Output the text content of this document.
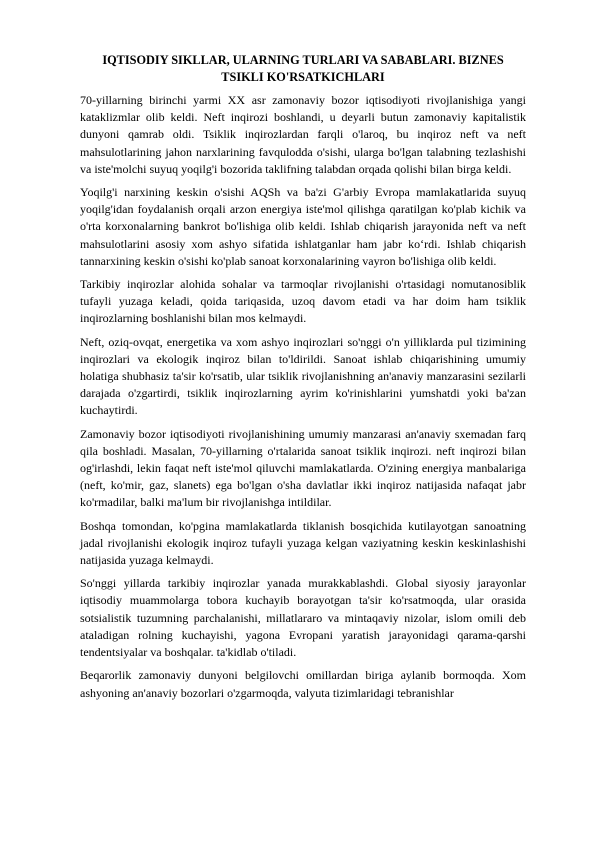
IQTISODIY SIKLLAR, ULARNING TURLARI VA SABABLARI. BIZNES TSIKLI KO'RSATKICHLARI

70-yillarning birinchi yarmi XX asr zamonaviy bozor iqtisodiyoti rivojlanishiga yangi kataklizmlar olib keldi. Neft inqirozi boshlandi, u deyarli butun zamonaviy kapitalistik dunyoni qamrab oldi. Tsiklik inqirozlardan farqli o'laroq, bu inqiroz neft va neft mahsulotlarining jahon narxlarining favqulodda o'sishi, ularga bo'lgan talabning tezlashishi va iste'molchi suyuq yoqilg'i bozorida taklifning talabdan orqada qolishi bilan birga keldi.

Yoqilg'i narxining keskin o'sishi AQSh va ba'zi G'arbiy Evropa mamlakatlarida suyuq yoqilg'idan foydalanish orqali arzon energiya iste'mol qilishga qaratilgan ko'plab kichik va o'rta korxonalarning bankrot bo'lishiga olib keldi. Ishlab chiqarish jarayonida neft va neft mahsulotlarini asosiy xom ashyo sifatida ishlatganlar ham jabr ko‘rdi. Ishlab chiqarish tannarxining keskin o'sishi ko'plab sanoat korxonalarining vayron bo'lishiga olib keldi.

Tarkibiy inqirozlar alohida sohalar va tarmoqlar rivojlanishi o'rtasidagi nomutanosiblik tufayli yuzaga keladi, qoida tariqasida, uzoq davom etadi va har doim ham tsiklik inqirozlarning boshlanishi bilan mos kelmaydi.

Neft, oziq-ovqat, energetika va xom ashyo inqirozlari so'nggi o'n yilliklarda pul tizimining inqirozlari va ekologik inqiroz bilan to'ldirildi. Sanoat ishlab chiqarishining umumiy holatiga shubhasiz ta'sir ko'rsatib, ular tsiklik rivojlanishning an'anaviy manzarasini sezilarli darajada o'zgartirdi, tsiklik inqirozlarning ayrim ko'rinishlarini yumshatdi yoki ba'zan kuchaytirdi.

Zamonaviy bozor iqtisodiyoti rivojlanishining umumiy manzarasi an'anaviy sxemadan farq qila boshladi. Masalan, 70-yillarning o'rtalarida sanoat tsiklik inqirozi. neft inqirozi bilan og'irlashdi, lekin faqat neft iste'mol qiluvchi mamlakatlarda. O'zining energiya manbalariga (neft, ko'mir, gaz, slanets) ega bo'lgan o'sha davlatlar ikki inqiroz natijasida nafaqat jabr ko'rmadilar, balki ma'lum bir rivojlanishga intildilar.

Boshqa tomondan, ko'pgina mamlakatlarda tiklanish bosqichida kutilayotgan sanoatning jadal rivojlanishi ekologik inqiroz tufayli yuzaga kelgan vaziyatning keskin keskinlashishi natijasida yuzaga kelmaydi.

So'nggi yillarda tarkibiy inqirozlar yanada murakkablashdi. Global siyosiy jarayonlar iqtisodiy muammolarga tobora kuchayib borayotgan ta'sir ko'rsatmoqda, ular orasida sotsialistik tuzumning parchalanishi, millatlararo va mintaqaviy nizolar, islom omili deb ataladigan rolning kuchayishi, yagona Evropani yaratish jarayonidagi qarama-qarshi tendentsiyalar va boshqalar. ta'kidlab o'tiladi.

Beqarorlik zamonaviy dunyoni belgilovchi omillardan biriga aylanib bormoqda. Xom ashyoning an'anaviy bozorlari o'zgarmoqda, valyuta tizimlaridagi tebranishlar
